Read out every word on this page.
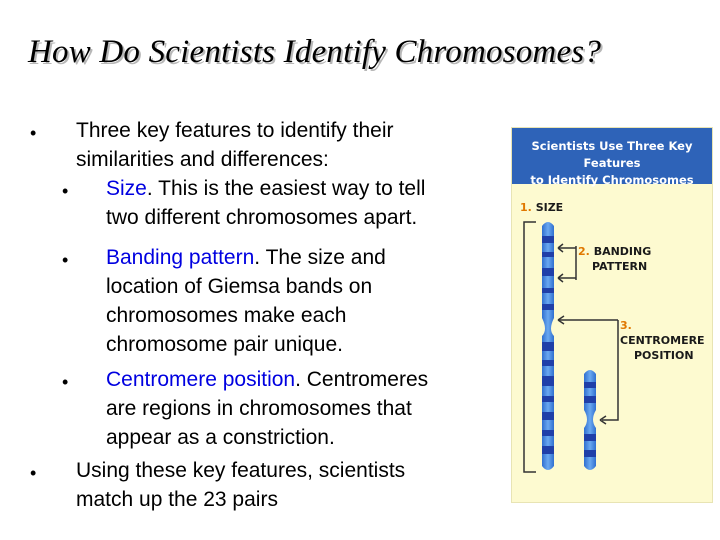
How Do Scientists Identify Chromosomes?
• Three key features to identify their
similarities and differences:
• Size. This is the easiest way to tell
two different chromosomes apart.
• Banding pattern. The size and
location of Giemsa bands on
chromosomes make each
chromosome pair unique.
• Centromere position. Centromeres
are regions in chromosomes that
appear as a constriction.
• Using these key features, scientists
match up the 23 pairs
Scientists Use Three Key Features
to Identify Chromosomes
1. SIZE
2. BANDING
PATTERN
3. CENTROMERE
POSITION
